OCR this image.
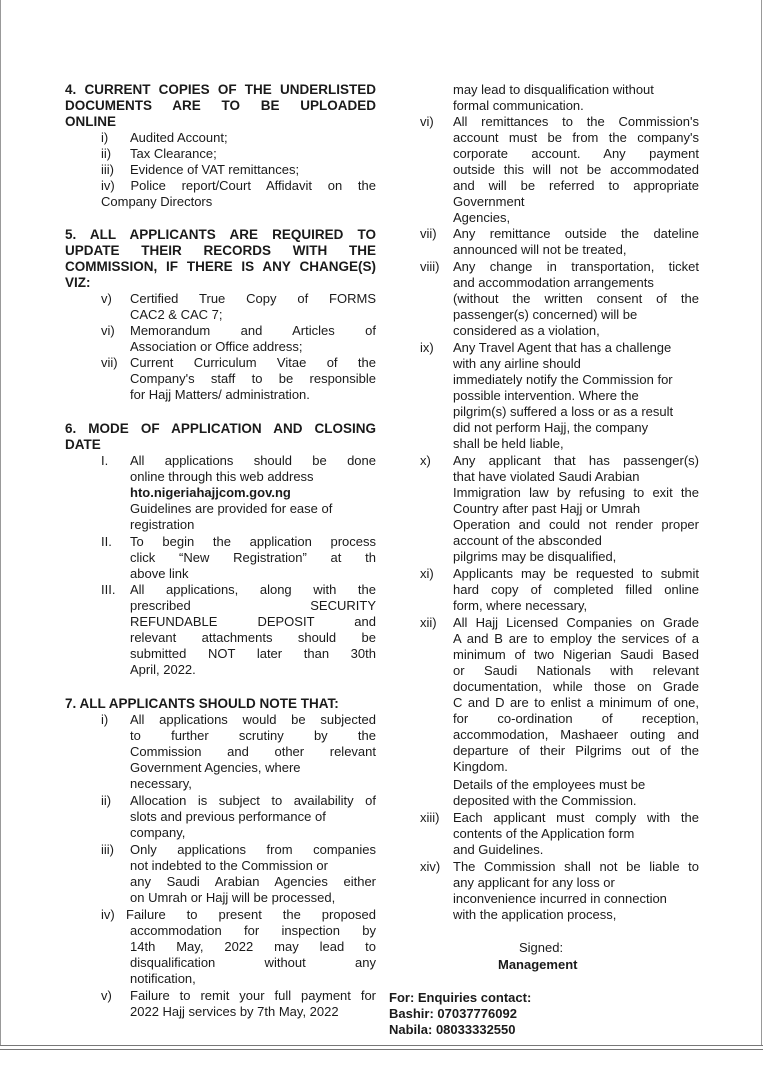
4. CURRENT COPIES OF THE UNDERLISTED
DOCUMENTS ARE TO BE UPLOADED
ONLINE
i) Audited Account;
ii) Tax Clearance;
iii) Evidence of VAT remittances;
iv) Police report/Court Affidavit on the
Company Directors
5. ALL APPLICANTS ARE REQUIRED TO
UPDATE THEIR RECORDS WITH THE
COMMISSION, IF THERE IS ANY CHANGE(S)
VIZ:
v) Certified True Copy of FORMS
CAC2 & CAC 7;
vi) Memorandum and Articles of
Association or Office address;
vii) Current Curriculum Vitae of the
Company's staff to be responsible
for Hajj Matters/ administration.
6. MODE OF APPLICATION AND CLOSING
DATE
I. All applications should be done
online through this web address
hto.nigeriahajjcom.gov.ng
Guidelines are provided for ease of
registration
II. To begin the application process
click “New Registration” at th
above link
III. All applications, along with the
prescribed SECURITY
REFUNDABLE DEPOSIT and
relevant attachments should be
submitted NOT later than 30th
April, 2022.
7. ALL APPLICANTS SHOULD NOTE THAT:
i) All applications would be subjected
to further scrutiny by the
Commission and other relevant
Government Agencies, where
necessary,
ii) Allocation is subject to availability of
slots and previous performance of
company,
iii) Only applications from companies
not indebted to the Commission or
any Saudi Arabian Agencies either
on Umrah or Hajj will be processed,
iv) Failure to present the proposed
accommodation for inspection by
14th May, 2022 may lead to
disqualification without any
notification,
v) Failure to remit your full payment for
2022 Hajj services by 7th May, 2022
may lead to disqualification without
formal communication.
vi) All remittances to the Commission's
account must be from the company's
corporate account. Any payment
outside this will not be accommodated
and will be referred to appropriate
Government
Agencies,
vii) Any remittance outside the dateline
announced will not be treated,
viii) Any change in transportation, ticket
and accommodation arrangements
(without the written consent of the
passenger(s) concerned) will be
considered as a violation,
ix) Any Travel Agent that has a challenge
with any airline should
immediately notify the Commission for
possible intervention. Where the
pilgrim(s) suffered a loss or as a result
did not perform Hajj, the company
shall be held liable,
x) Any applicant that has passenger(s)
that have violated Saudi Arabian
Immigration law by refusing to exit the
Country after past Hajj or Umrah
Operation and could not render proper
account of the absconded
pilgrims may be disqualified,
xi) Applicants may be requested to submit
hard copy of completed filled online
form, where necessary,
xii) All Hajj Licensed Companies on Grade
A and B are to employ the services of a
minimum of two Nigerian Saudi Based
or Saudi Nationals with relevant
documentation, while those on Grade
C and D are to enlist a minimum of one,
for co-ordination of reception,
accommodation, Mashaeer outing and
departure of their Pilgrims out of the
Kingdom.
Details of the employees must be
deposited with the Commission.
xiii) Each applicant must comply with the
contents of the Application form
and Guidelines.
xiv) The Commission shall not be liable to
any applicant for any loss or
inconvenience incurred in connection
with the application process,
Signed:
Management
For: Enquiries contact:
Bashir: 07037776092
Nabila: 08033332550
